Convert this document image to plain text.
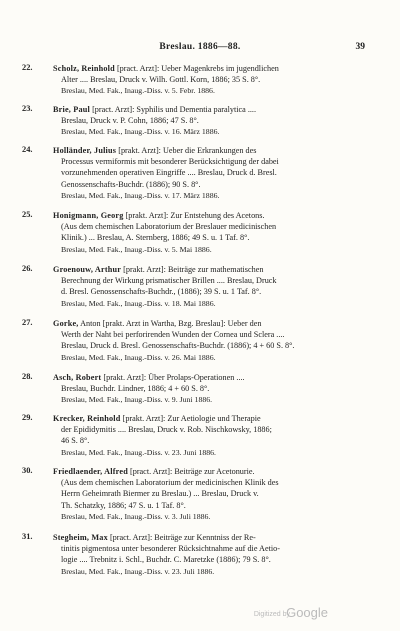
Breslau. 1886—88.	39
22.	Scholz, Reinhold [pract. Arzt]: Ueber Magenkrebs im jugendlichen
Alter .... Breslau, Druck v. Wilh. Gottl. Korn, 1886; 35 S. 8°.
Breslau, Med. Fak., Inaug.-Diss. v. 5. Febr. 1886.
23.	Brie, Paul [pract. Arzt]: Syphilis und Dementia paralytica ....
Breslau, Druck v. P. Cohn, 1886; 47 S. 8°.
Breslau, Med. Fak., Inaug.-Diss. v. 16. März 1886.
24.	Holländer, Julius [prakt. Arzt]: Ueber die Erkrankungen des
Processus vermiformis mit besonderer Berücksichtigung der dabei
vorzunehmenden operativen Eingriffe .... Breslau, Druck d. Bresl.
Genossenschafts-Buchdr. (1886); 90 S. 8°.
Breslau, Med. Fak., Inaug.-Diss. v. 17. März 1886.
25.	Honigmann, Georg [prakt. Arzt]: Zur Entstehung des Acetons.
(Aus dem chemischen Laboratorium der Breslauer medicinischen
Klinik.) ... Breslau, A. Sternberg, 1886; 49 S. u. 1 Taf. 8°.
Breslau, Med. Fak., Inaug.-Diss. v. 5. Mai 1886.
26.	Groenouw, Arthur [prakt. Arzt]: Beiträge zur mathematischen
Berechnung der Wirkung prismatischer Brillen .... Breslau, Druck
d. Bresl. Genossenschafts-Buchdr., (1886); 39 S. u. 1 Taf. 8°.
Breslau, Med. Fak., Inaug.-Diss. v. 18. Mai 1886.
27.	Gorke, Anton [prakt. Arzt in Wartha, Bzg. Breslau]: Ueber den
Werth der Naht bei perforirenden Wunden der Cornea und Sclera ....
Breslau, Druck d. Bresl. Genossenschafts-Buchdr. (1886); 4 + 60 S. 8°.
Breslau, Med. Fak., Inaug.-Diss. v. 26. Mai 1886.
28.	Asch, Robert [prakt. Arzt]: Über Prolaps-Operationen ....
Breslau, Buchdr. Lindner, 1886; 4 + 60 S. 8°.
Breslau, Med. Fak., Inaug.-Diss. v. 9. Juni 1886.
29.	Krecker, Reinhold [prakt. Arzt]: Zur Aetiologie und Therapie
der Epididymitis .... Breslau, Druck v. Rob. Nischkowsky, 1886;
46 S. 8°.
Breslau, Med. Fak., Inaug.-Diss. v. 23. Juni 1886.
30.	Friedlaender, Alfred [pract. Arzt]: Beiträge zur Acetonurie.
(Aus dem chemischen Laboratorium der medicinischen Klinik des
Herrn Geheimrath Biermer zu Breslau.) ... Breslau, Druck v.
Th. Schatzky, 1886; 47 S. u. 1 Taf. 8°.
Breslau, Med. Fak., Inaug.-Diss. v. 3. Juli 1886.
31.	Stegheim, Max [pract. Arzt]: Beiträge zur Kenntniss der Re-
tinitis pigmentosa unter besonderer Rücksichtnahme auf die Aetio-
logie .... Trebnitz i. Schl., Buchdr. C. Maretzke (1886); 79 S. 8°.
Breslau, Med. Fak., Inaug.-Diss. v. 23. Juli 1886.
Digitized by
Google
